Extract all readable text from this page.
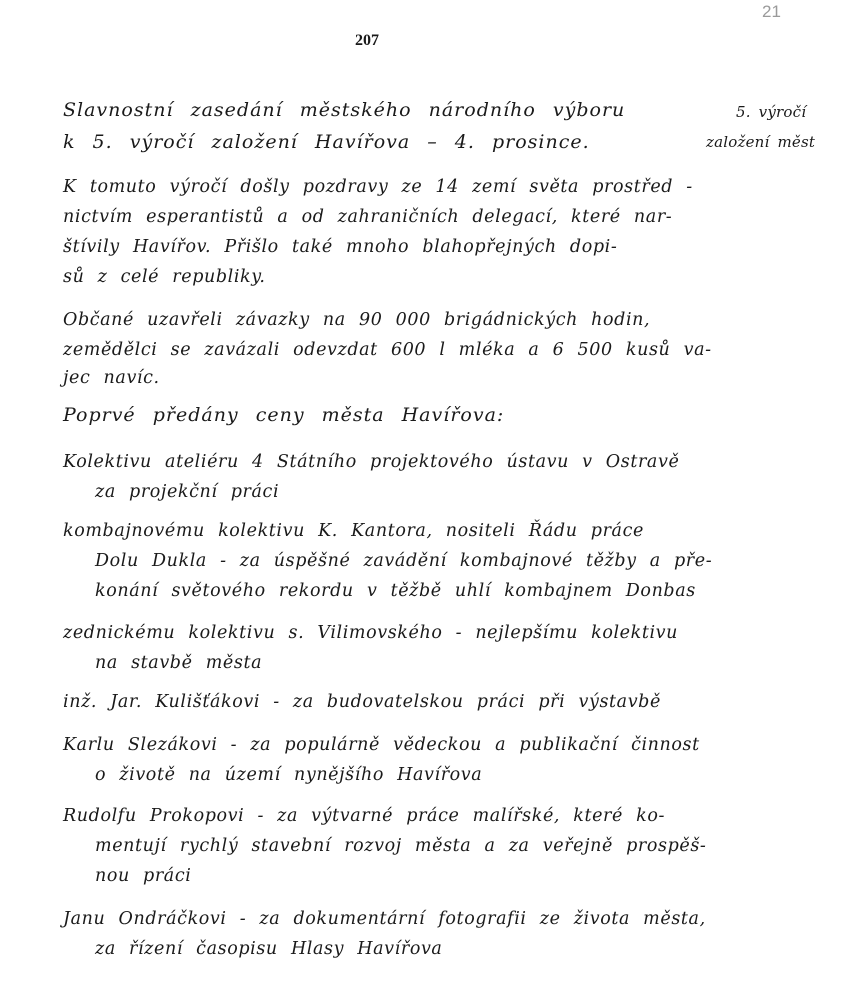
21
207
Slavnostní zasedání městského národního výboru
k 5. výročí založení Havířova – 4. prosince.
5. výročí
založení měst
K tomuto výročí došly pozdravy ze 14 zemí světa prostřed -
nictvím esperantistů a od zahraničních delegací, které nar-
štívily Havířov. Přišlo také mnoho blahopřejných dopi-
sů z celé republiky.
Občané uzavřeli závazky na 90 000 brigádnických hodin,
zemědělci se zavázali odevzdat 600 l mléka a 6 500 kusů va-
jec navíc.
Poprvé předány ceny města Havířova:
Kolektivu ateliéru 4 Státního projektového ústavu v Ostravě
za projekční práci
kombajnovému kolektivu K. Kantora, nositeli Řádu práce
Dolu Dukla - za úspěšné zavádění kombajnové těžby a pře-
konání světového rekordu v těžbě uhlí kombajnem Donbas
zednickému kolektivu s. Vilimovského - nejlepšímu kolektivu
na stavbě města
inž. Jar. Kulišťákovi - za budovatelskou práci při výstavbě
Karlu Slezákovi - za populárně vědeckou a publikační činnost
o životě na území nynějšího Havířova
Rudolfu Prokopovi - za výtvarné práce malířské, které ko-
mentují rychlý stavební rozvoj města a za veřejně prospěš-
nou práci
Janu Ondráčkovi - za dokumentární fotografii ze života města,
za řízení časopisu Hlasy Havířova
